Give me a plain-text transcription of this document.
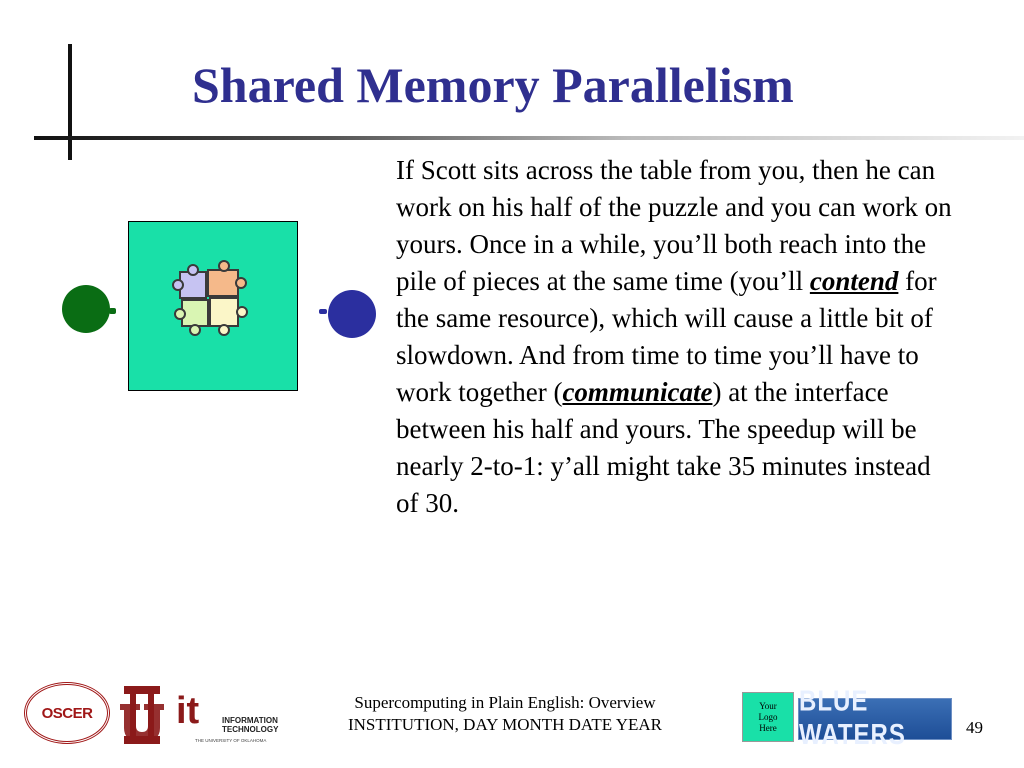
Shared Memory Parallelism

If Scott sits across the table from you, then he can work on his half of the puzzle and you can work on yours. Once in a while, you’ll both reach into the pile of pieces at the same time (you’ll contend for the same resource), which will cause a little bit of slowdown. And from time to time you’ll have to work together (communicate) at the interface between his half and yours. The speedup will be nearly 2-to-1: y’all might take 35 minutes instead of 30.

OSCER it	INFORMATION
TECHNOLOGY
THE UNIVERSITY OF OKLAHOMA
Supercomputing in Plain English: Overview
INSTITUTION, DAY MONTH DATE YEAR
Your
Logo
Here
BLUE WATERS	49
